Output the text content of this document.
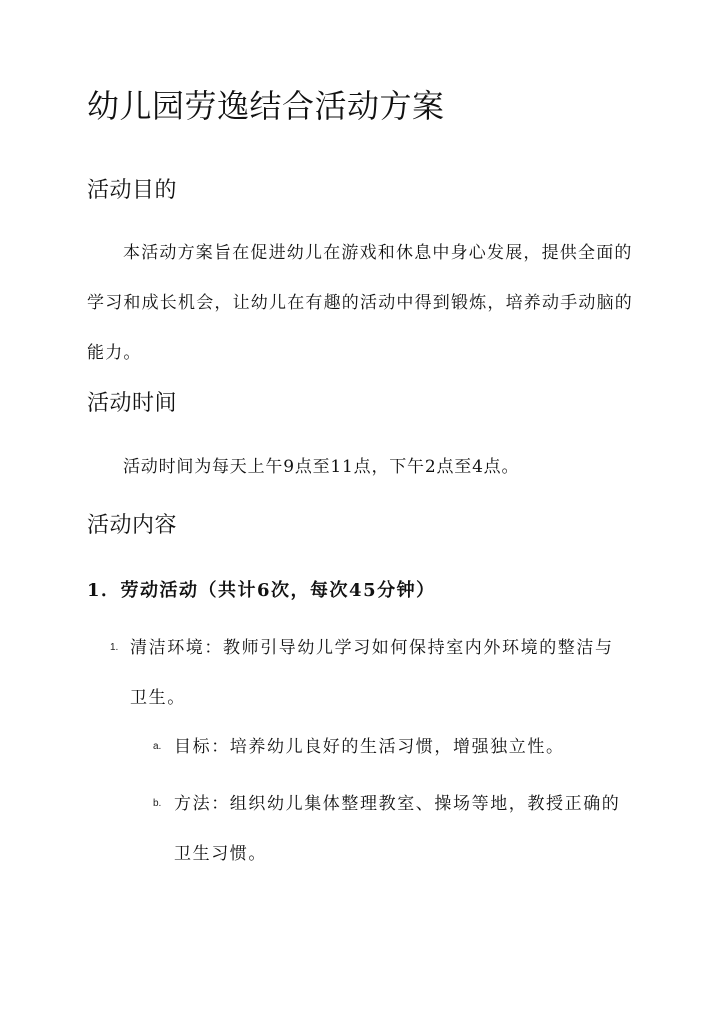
幼儿园劳逸结合活动方案
活动目的

本活动方案旨在促进幼儿在游戏和休息中身心发展，提供全面的学习和成长机会，让幼儿在有趣的活动中得到锻炼，培养动手动脑的能力。

活动时间

活动时间为每天上午9点至11点，下午2点至4点。

活动内容
1．劳动活动（共计6次，每次45分钟）
1. 清洁环境：教师引导幼儿学习如何保持室内外环境的整洁与卫生。

a. 目标：培养幼儿良好的生活习惯，增强独立性。

b. 方法：组织幼儿集体整理教室、操场等地，教授正确的卫生习惯。
